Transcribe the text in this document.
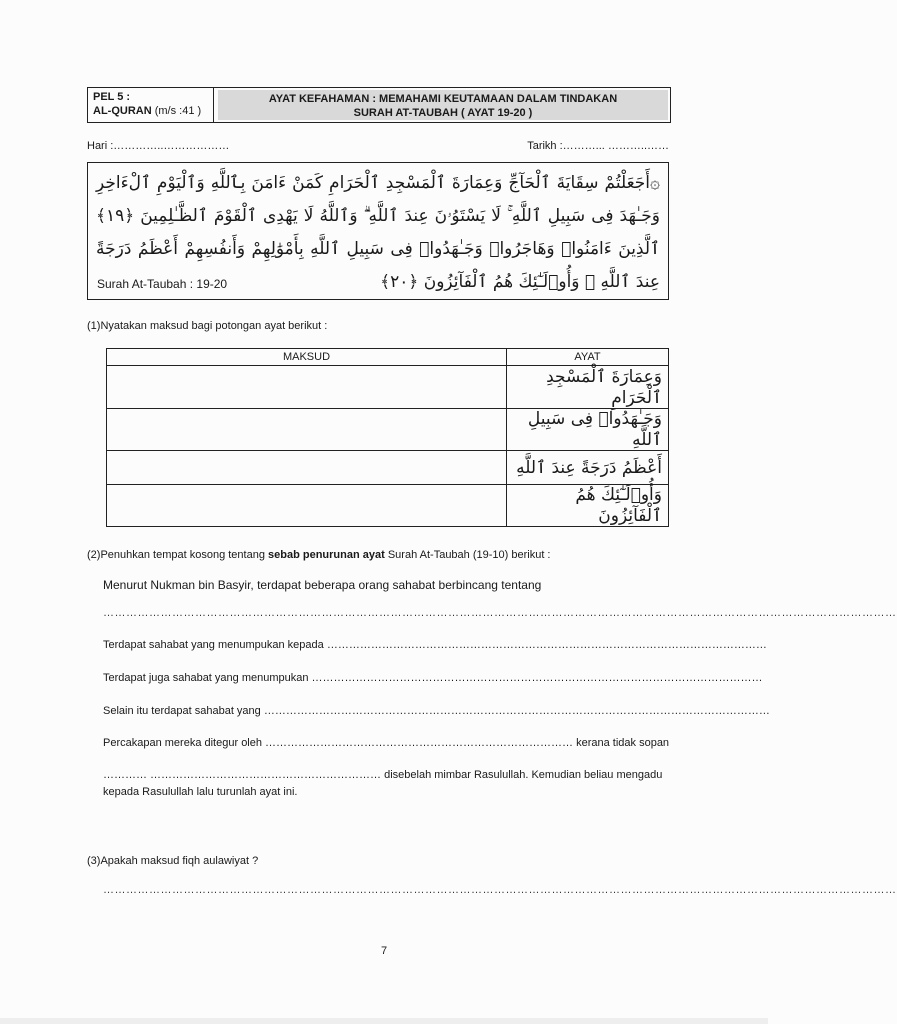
PEL 5 :
AL-QURAN (m/s :41 )
AYAT KEFAHAMAN : MEMAHAMI KEUTAMAAN DALAM TINDAKAN
SURAH AT-TAUBAH ( AYAT 19-20 )
Hari :…………..………………	Tarikh :………... ………..……
۞أَجَعَلْتُمْ سِقَايَةَ ٱلْحَآجِّ وَعِمَارَةَ ٱلْمَسْجِدِ ٱلْحَرَامِ كَمَنْ ءَامَنَ بِٱللَّهِ وَٱلْيَوْمِ ٱلْءَاخِرِ وَجَـٰهَدَ فِى سَبِيلِ ٱللَّهِ ۚ لَا يَسْتَوُۥنَ عِندَ ٱللَّهِ ۗ وَٱللَّهُ لَا يَهْدِى ٱلْقَوْمَ ٱلظَّـٰلِمِينَ ﴿١٩﴾ ٱلَّذِينَ ءَامَنُوا۟ وَهَاجَرُوا۟ وَجَـٰهَدُوا۟ فِى سَبِيلِ ٱللَّهِ بِأَمْوَٰلِهِمْ وَأَنفُسِهِمْ أَعْظَمُ دَرَجَةً عِندَ ٱللَّهِ ۚ وَأُو۟لَـٰٓئِكَ هُمُ ٱلْفَآئِزُونَ ﴿٢٠﴾
Surah At-Taubah : 19-20
(1)Nyatakan maksud bagi potongan ayat berikut :
MAKSUD	AYAT
	وَعِمَارَةَ ٱلْمَسْجِدِ ٱلْحَرَامِ
	وَجَـٰهَدُوا۟ فِى سَبِيلِ ٱللَّهِ
	أَعْظَمُ دَرَجَةً عِندَ ٱللَّهِ
	وَأُو۟لَـٰٓئِكَ هُمُ ٱلْفَآئِزُونَ
(2)Penuhkan tempat kosong tentang sebab penurunan ayat Surah At-Taubah (19-10) berikut :
Menurut Nukman bin Basyir, terdapat beberapa orang sahabat berbincang tentang
………………………………………………………………………………………………………………………………………………………………………………………
Terdapat sahabat yang menumpukan kepada …………………………………………………………………………………………………………
Terdapat juga sahabat yang menumpukan ……………………………………………………………………………………………………………
Selain itu terdapat sahabat yang …………………………………………………………………………………………………………………………
Percakapan mereka ditegur oleh ………………………………………………………………………… kerana tidak sopan
………… ……………………………………………………… disebelah mimbar Rasulullah. Kemudian beliau mengadu
kepada Rasulullah lalu turunlah ayat ini.
(3)Apakah maksud fiqh aulawiyat ?
………………………………………………………………………………………………………………………………………………………………………………………
7
